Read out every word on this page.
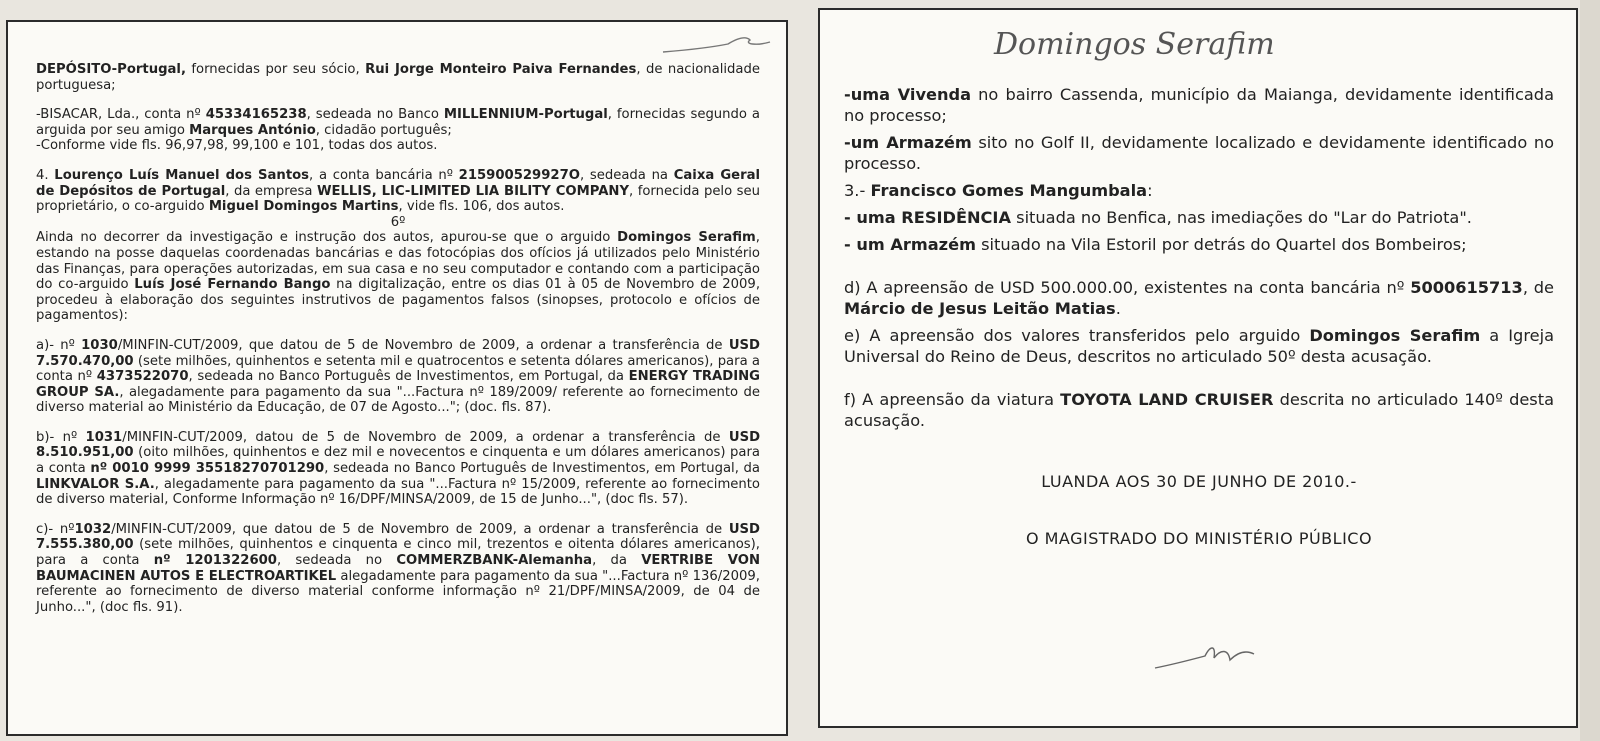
DEPÓSITO-Portugal, fornecidas por seu sócio, Rui Jorge Monteiro Paiva Fernandes, de nacionalidade portuguesa;

-BISACAR, Lda., conta nº 45334165238, sedeada no Banco MILLENNIUM-Portugal, fornecidas segundo a arguida por seu amigo Marques António, cidadão português;

-Conforme vide fls. 96,97,98, 99,100 e 101, todas dos autos.

4. Lourenço Luís Manuel dos Santos, a conta bancária nº 215900529927O, sedeada na Caixa Geral de Depósitos de Portugal, da empresa WELLIS, LIC-LIMITED LIA BILITY COMPANY, fornecida pelo seu proprietário, o co-arguido Miguel Domingos Martins, vide fls. 106, dos autos.

6º

Ainda no decorrer da investigação e instrução dos autos, apurou-se que o arguido Domingos Serafim, estando na posse daquelas coordenadas bancárias e das fotocópias dos ofícios já utilizados pelo Ministério das Finanças, para operações autorizadas, em sua casa e no seu computador e contando com a participação do co-arguido Luís José Fernando Bango na digitalização, entre os dias 01 à 05 de Novembro de 2009, procedeu à elaboração dos seguintes instrutivos de pagamentos falsos (sinopses, protocolo e ofícios de pagamentos):

a)- nº 1030/MINFIN-CUT/2009, que datou de 5 de Novembro de 2009, a ordenar a transferência de USD 7.570.470,00 (sete milhões, quinhentos e setenta mil e quatrocentos e setenta dólares americanos), para a conta nº 4373522070, sedeada no Banco Português de Investimentos, em Portugal, da ENERGY TRADING GROUP SA., alegadamente para pagamento da sua "...Factura nº 189/2009/ referente ao fornecimento de diverso material ao Ministério da Educação, de 07 de Agosto..."; (doc. fls. 87).

b)- nº 1031/MINFIN-CUT/2009, datou de 5 de Novembro de 2009, a ordenar a transferência de USD 8.510.951,00 (oito milhões, quinhentos e dez mil e novecentos e cinquenta e um dólares americanos) para a conta nº 0010 9999 35518270701290, sedeada no Banco Português de Investimentos, em Portugal, da LINKVALOR S.A., alegadamente para pagamento da sua "...Factura nº 15/2009, referente ao fornecimento de diverso material, Conforme Informação nº 16/DPF/MINSA/2009, de 15 de Junho...", (doc fls. 57).

c)- nº1032/MINFIN-CUT/2009, que datou de 5 de Novembro de 2009, a ordenar a transferência de USD 7.555.380,00 (sete milhões, quinhentos e cinquenta e cinco mil, trezentos e oitenta dólares americanos), para a conta nº 1201322600, sedeada no COMMERZBANK-Alemanha, da VERTRIBE VON BAUMACINEN AUTOS E ELECTROARTIKEL alegadamente para pagamento da sua "...Factura nº 136/2009, referente ao fornecimento de diverso material conforme informação nº 21/DPF/MINSA/2009, de 04 de Junho...", (doc fls. 91).

Domingos Serafim

-uma Vivenda no bairro Cassenda, município da Maianga, devidamente identificada no processo;

-um Armazém sito no Golf II, devidamente localizado e devidamente identificado no processo.

3.- Francisco Gomes Mangumbala:

- uma RESIDÊNCIA situada no Benfica, nas imediações do "Lar do Patriota".

- um Armazém situado na Vila Estoril por detrás do Quartel dos Bombeiros;

d) A apreensão de USD 500.000.00, existentes na conta bancária nº 5000615713, de Márcio de Jesus Leitão Matias.

e) A apreensão dos valores transferidos pelo arguido Domingos Serafim a Igreja Universal do Reino de Deus, descritos no articulado 50º desta acusação.

f) A apreensão da viatura TOYOTA LAND CRUISER descrita no articulado 140º desta acusação.

LUANDA AOS 30 DE JUNHO DE 2010.-

O MAGISTRADO DO MINISTÉRIO PÚBLICO
